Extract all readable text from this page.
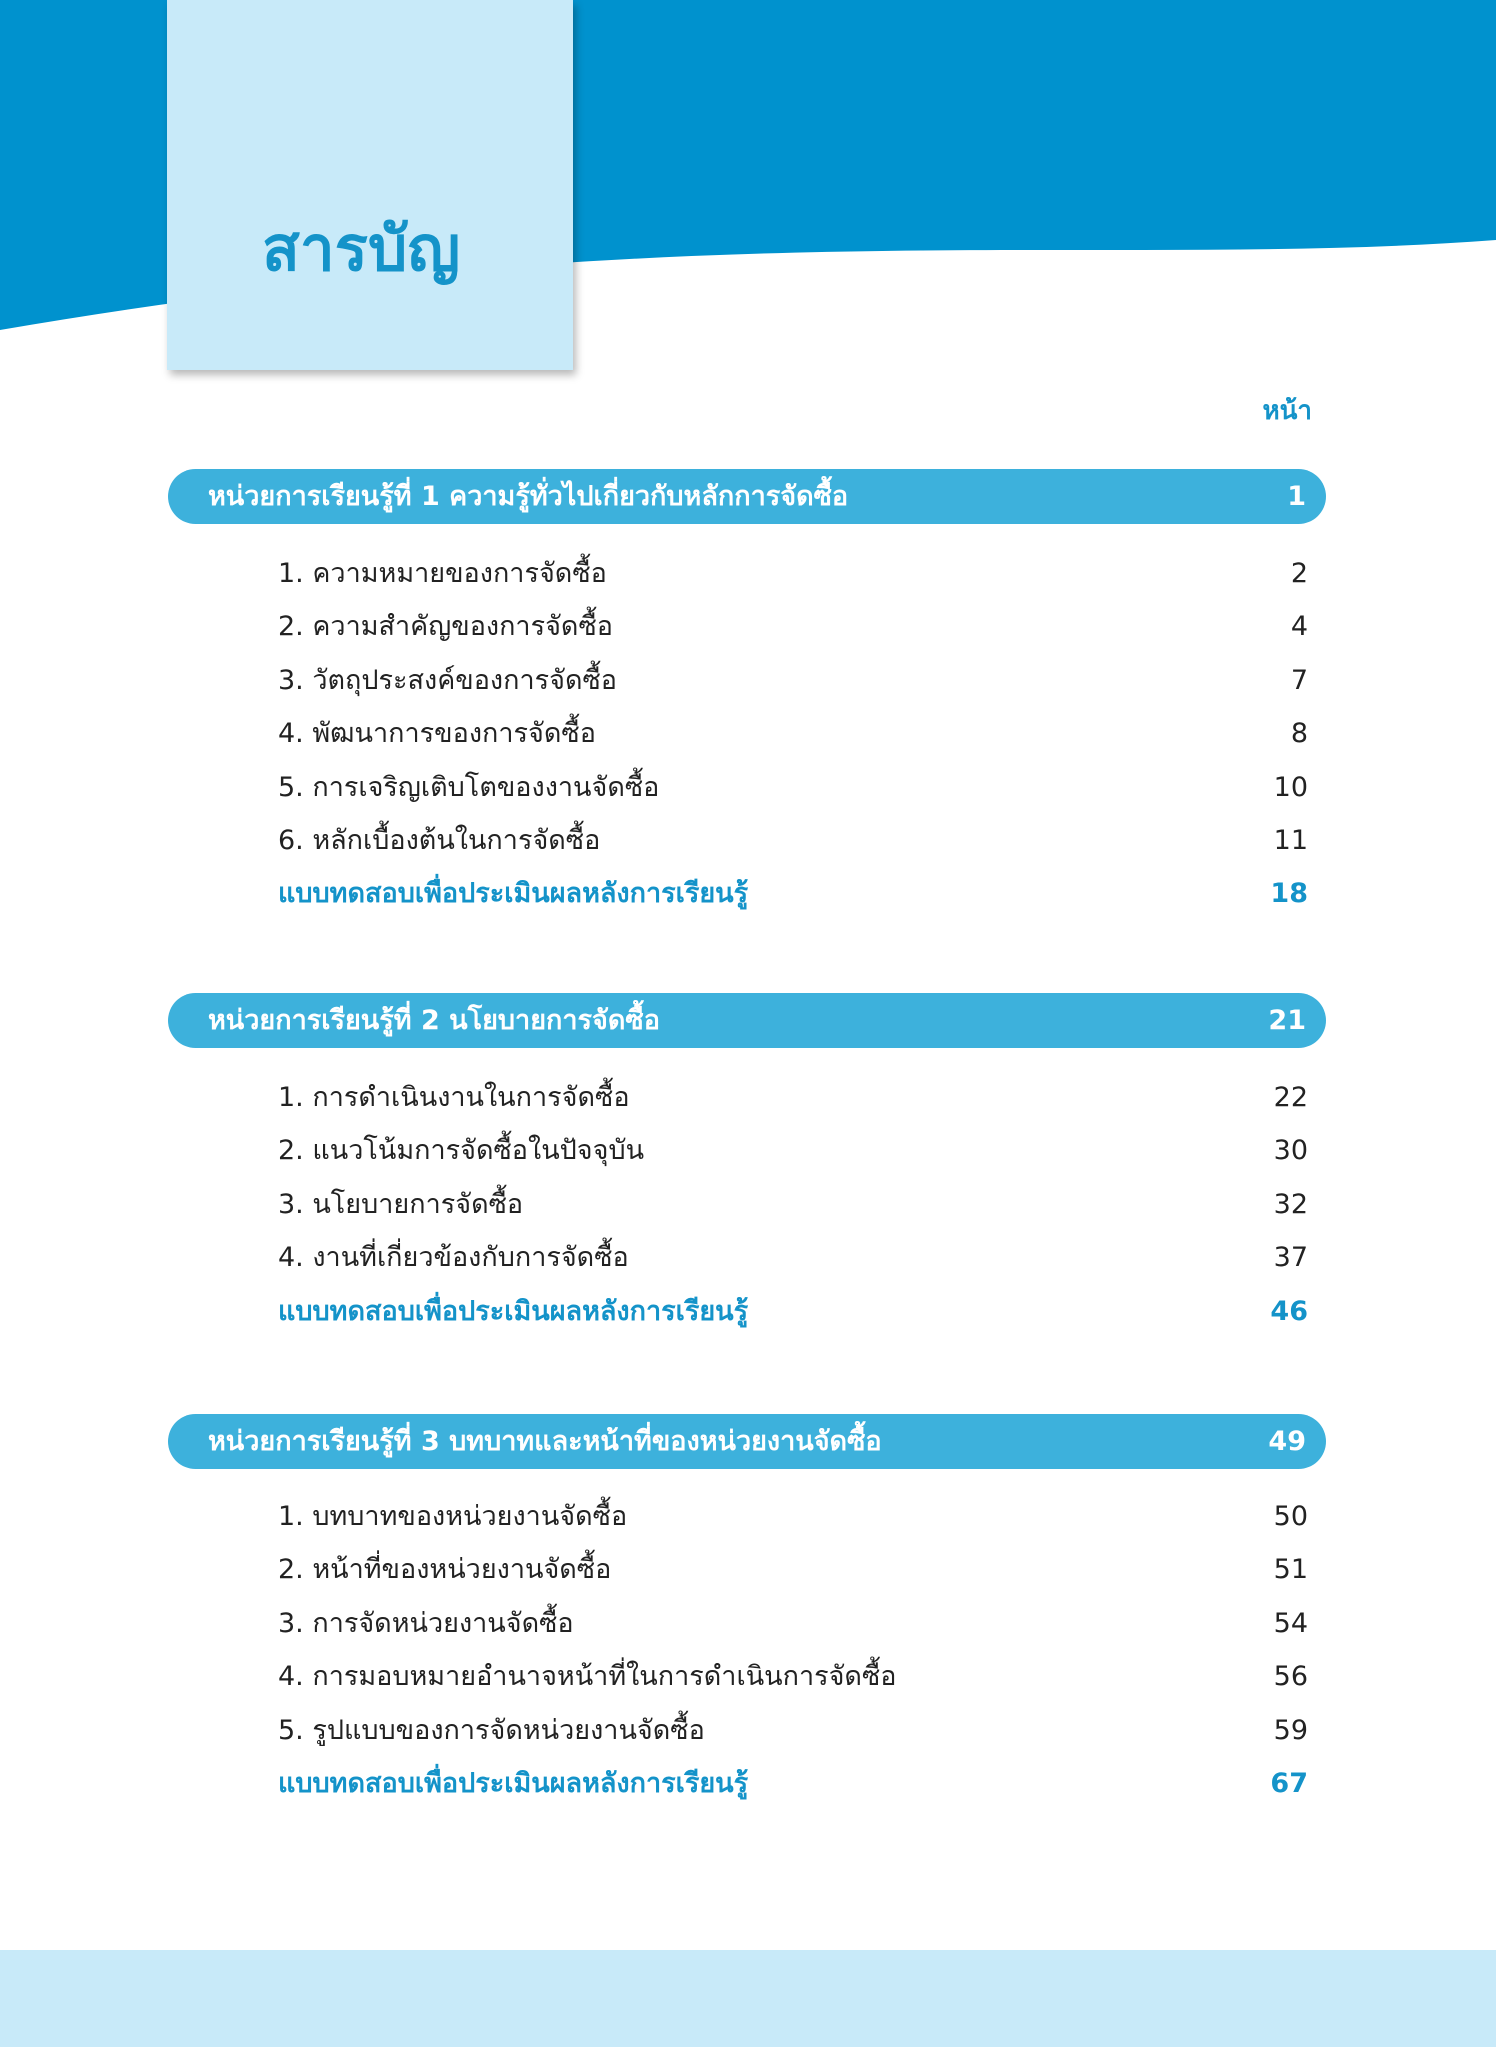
สารบัญ
หน้า
หน่วยการเรียนรู้ที่ 1 ความรู้ทั่วไปเกี่ยวกับหลักการจัดซื้อ	1
1. ความหมายของการจัดซื้อ	2
2. ความสำคัญของการจัดซื้อ	4
3. วัตถุประสงค์ของการจัดซื้อ	7
4. พัฒนาการของการจัดซื้อ	8
5. การเจริญเติบโตของงานจัดซื้อ	10
6. หลักเบื้องต้นในการจัดซื้อ	11
แบบทดสอบเพื่อประเมินผลหลังการเรียนรู้	18
หน่วยการเรียนรู้ที่ 2 นโยบายการจัดซื้อ	21
1. การดำเนินงานในการจัดซื้อ	22
2. แนวโน้มการจัดซื้อในปัจจุบัน	30
3. นโยบายการจัดซื้อ	32
4. งานที่เกี่ยวข้องกับการจัดซื้อ	37
แบบทดสอบเพื่อประเมินผลหลังการเรียนรู้	46
หน่วยการเรียนรู้ที่ 3 บทบาทและหน้าที่ของหน่วยงานจัดซื้อ	49
1. บทบาทของหน่วยงานจัดซื้อ	50
2. หน้าที่ของหน่วยงานจัดซื้อ	51
3. การจัดหน่วยงานจัดซื้อ	54
4. การมอบหมายอำนาจหน้าที่ในการดำเนินการจัดซื้อ	56
5. รูปแบบของการจัดหน่วยงานจัดซื้อ	59
แบบทดสอบเพื่อประเมินผลหลังการเรียนรู้	67
